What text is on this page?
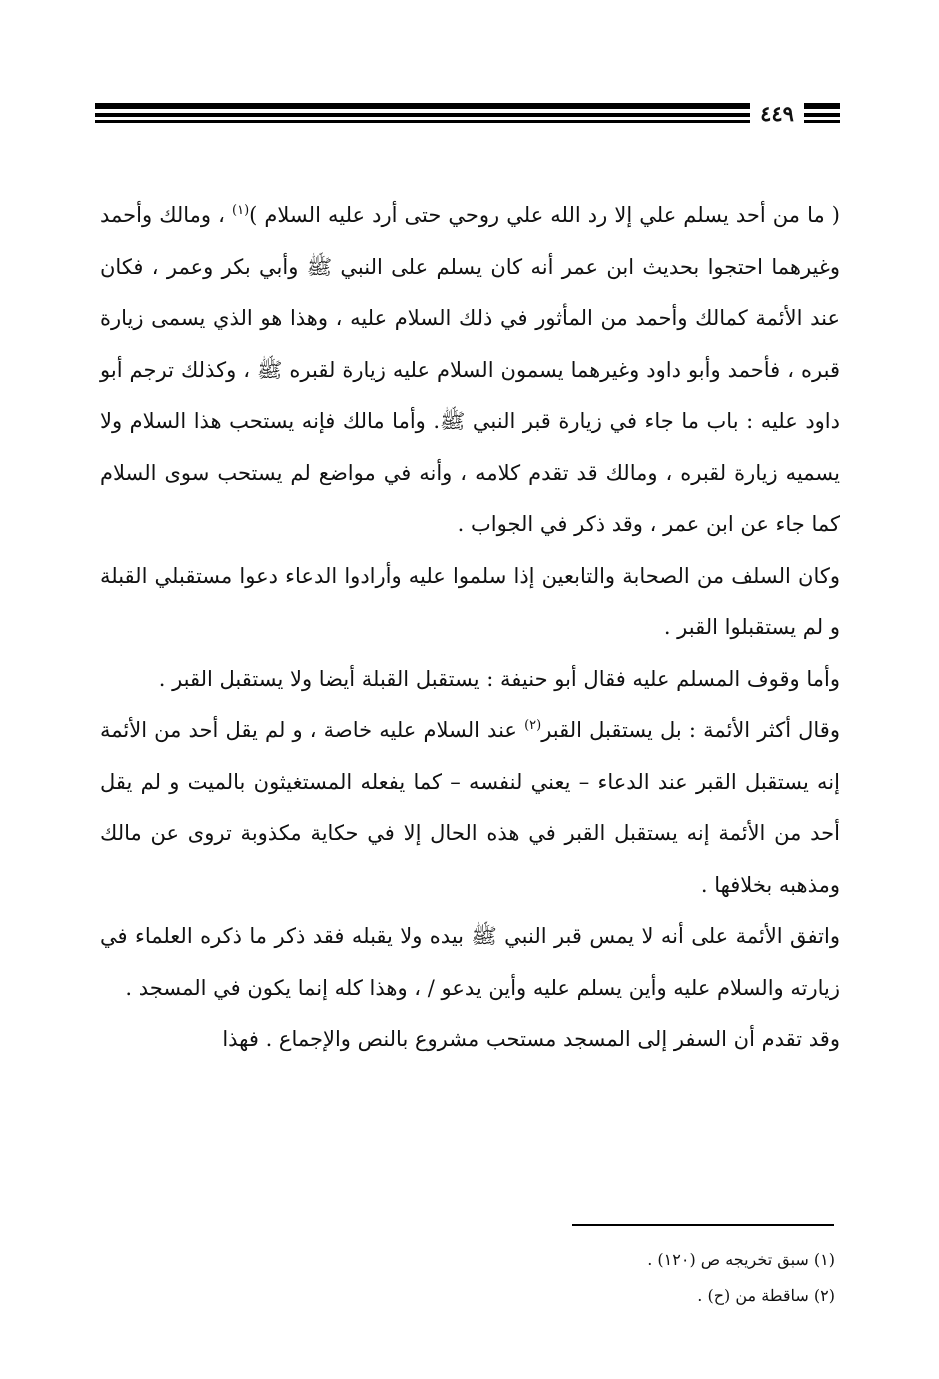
٤٤٩

( ما من أحد يسلم علي إلا رد الله علي روحي حتى أرد عليه السلام )$^{(١)}$ ، ومالك وأحمد وغيرهما احتجوا بحديث ابن عمر أنه كان يسلم على النبي ﷺ وأبي بكر وعمر ، فكان عند الأئمة كمالك وأحمد من المأثور في ذلك السلام عليه ، وهذا هو الذي يسمى زيارة قبره ، فأحمد وأبو داود وغيرهما يسمون السلام عليه زيارة لقبره ﷺ ، وكذلك ترجم أبو داود عليه : باب ما جاء في زيارة قبر النبي ﷺ. وأما مالك فإنه يستحب هذا السلام ولا يسميه زيارة لقبره ، ومالك قد تقدم كلامه ، وأنه في مواضع لم يستحب سوى السلام كما جاء عن ابن عمر ، وقد ذكر في الجواب .

وكان السلف من الصحابة والتابعين إذا سلموا عليه وأرادوا الدعاء دعوا مستقبلي القبلة و لم يستقبلوا القبر .

وأما وقوف المسلم عليه فقال أبو حنيفة : يستقبل القبلة أيضا ولا يستقبل القبر .

وقال أكثر الأئمة : بل يستقبل القبر$^{(٢)}$ عند السلام عليه خاصة ، و لم يقل أحد من الأئمة إنه يستقبل القبر عند الدعاء – يعني لنفسه – كما يفعله المستغيثون بالميت و لم يقل أحد من الأئمة إنه يستقبل القبر في هذه الحال إلا في حكاية مكذوبة تروى عن مالك ومذهبه بخلافها .

واتفق الأئمة على أنه لا يمس قبر النبي ﷺ بيده ولا يقبله فقد ذكر ما ذكره العلماء في زيارته والسلام عليه وأين يسلم عليه وأين يدعو / ، وهذا كله إنما يكون في المسجد .

وقد تقدم أن السفر إلى المسجد مستحب مشروع بالنص والإجماع . فهذا

(١) سبق تخريجه ص (١٢٠) .

(٢) ساقطة من (ح) .
